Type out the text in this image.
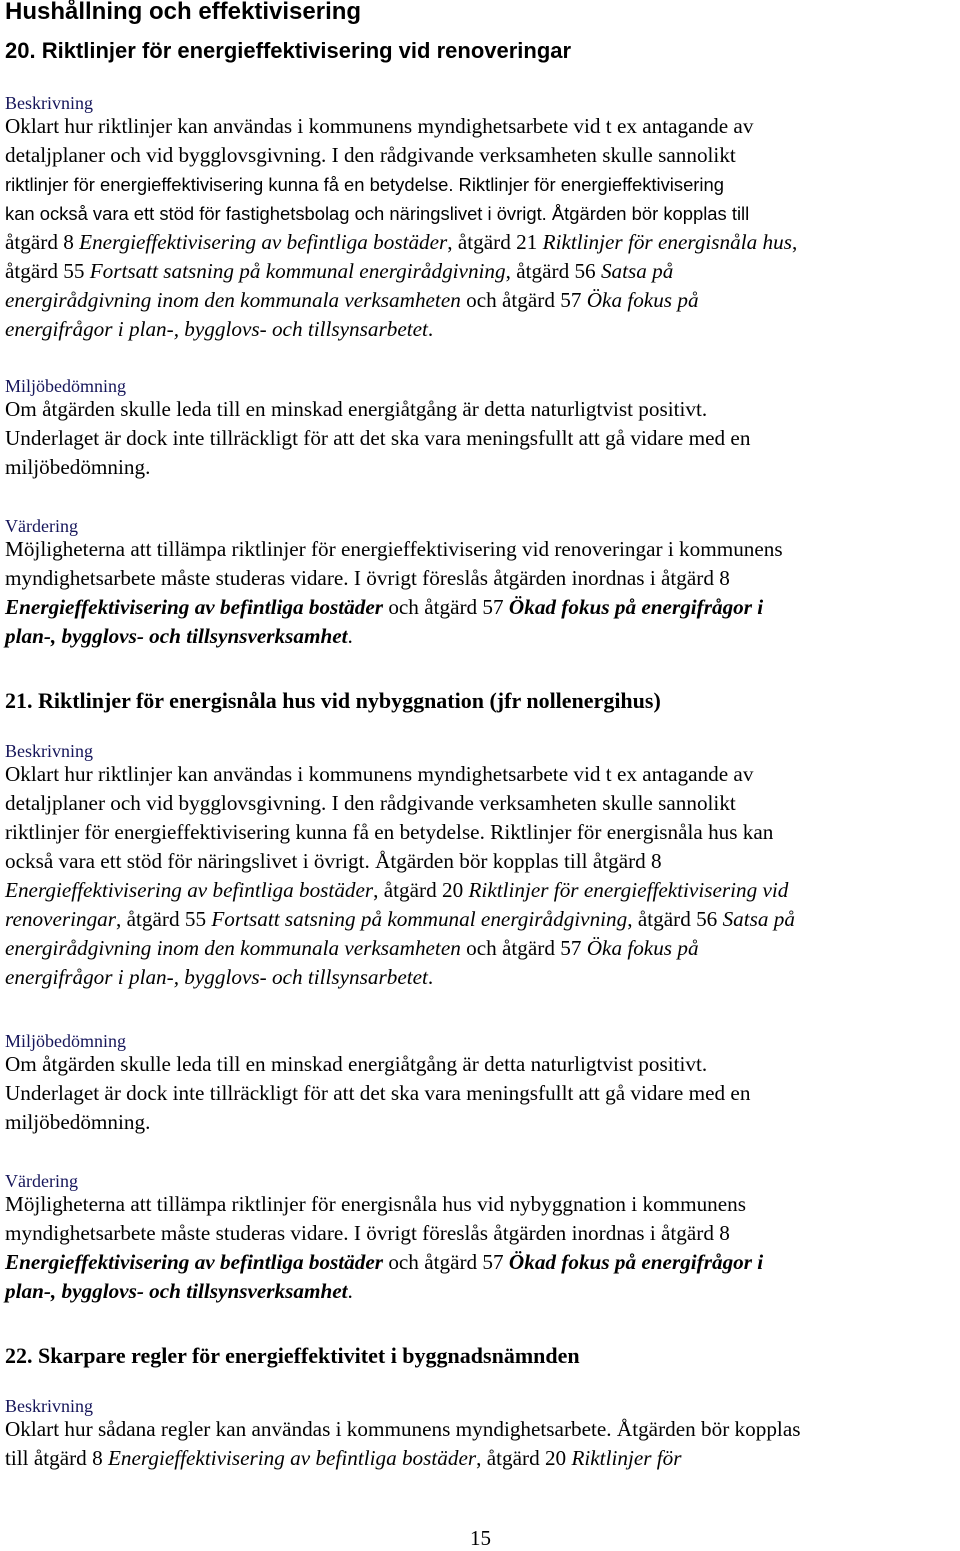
Hushållning och effektivisering
20. Riktlinjer för energieffektivisering vid renoveringar
Beskrivning
Oklart hur riktlinjer kan användas i kommunens myndighetsarbete vid t ex antagande av
detaljplaner och vid bygglovsgivning. I den rådgivande verksamheten skulle sannolikt
riktlinjer för energieffektivisering kunna få en betydelse. Riktlinjer för energieffektivisering
kan också vara ett stöd för fastighetsbolag och näringslivet i övrigt. Åtgärden bör kopplas till
åtgärd 8 Energieffektivisering av befintliga bostäder, åtgärd 21 Riktlinjer för energisnåla hus,
åtgärd 55 Fortsatt satsning på kommunal energirådgivning, åtgärd 56 Satsa på
energirådgivning inom den kommunala verksamheten och åtgärd 57 Öka fokus på
energifrågor i plan-, bygglovs- och tillsynsarbetet.
Miljöbedömning
Om åtgärden skulle leda till en minskad energiåtgång är detta naturligtvist positivt.
Underlaget är dock inte tillräckligt för att det ska vara meningsfullt att gå vidare med en
miljöbedömning.
Värdering
Möjligheterna att tillämpa riktlinjer för energieffektivisering vid renoveringar i kommunens
myndighetsarbete måste studeras vidare. I övrigt föreslås åtgärden inordnas i åtgärd 8
Energieffektivisering av befintliga bostäder och åtgärd 57 Ökad fokus på energifrågor i
plan-, bygglovs- och tillsynsverksamhet.
21. Riktlinjer för energisnåla hus vid nybyggnation (jfr nollenergihus)
Beskrivning
Oklart hur riktlinjer kan användas i kommunens myndighetsarbete vid t ex antagande av
detaljplaner och vid bygglovsgivning. I den rådgivande verksamheten skulle sannolikt
riktlinjer för energieffektivisering kunna få en betydelse. Riktlinjer för energisnåla hus kan
också vara ett stöd för näringslivet i övrigt. Åtgärden bör kopplas till åtgärd 8
Energieffektivisering av befintliga bostäder, åtgärd 20 Riktlinjer för energieffektivisering vid
renoveringar, åtgärd 55 Fortsatt satsning på kommunal energirådgivning, åtgärd 56 Satsa på
energirådgivning inom den kommunala verksamheten och åtgärd 57 Öka fokus på
energifrågor i plan-, bygglovs- och tillsynsarbetet.
Miljöbedömning
Om åtgärden skulle leda till en minskad energiåtgång är detta naturligtvist positivt.
Underlaget är dock inte tillräckligt för att det ska vara meningsfullt att gå vidare med en
miljöbedömning.
Värdering
Möjligheterna att tillämpa riktlinjer för energisnåla hus vid nybyggnation i kommunens
myndighetsarbete måste studeras vidare. I övrigt föreslås åtgärden inordnas i åtgärd 8
Energieffektivisering av befintliga bostäder och åtgärd 57 Ökad fokus på energifrågor i
plan-, bygglovs- och tillsynsverksamhet.
22. Skarpare regler för energieffektivitet i byggnadsnämnden
Beskrivning
Oklart hur sådana regler kan användas i kommunens myndighetsarbete. Åtgärden bör kopplas
till åtgärd 8 Energieffektivisering av befintliga bostäder, åtgärd 20 Riktlinjer för
15
